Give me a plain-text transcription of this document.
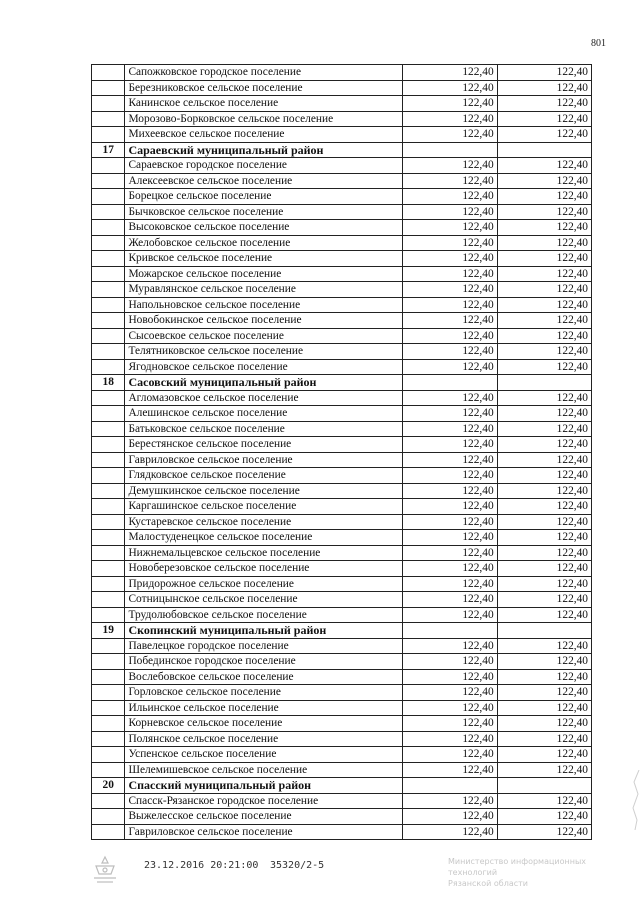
801
	Сапожковское городское поселение	122,40	122,40
	Березниковское сельское поселение	122,40	122,40
	Канинское сельское поселение	122,40	122,40
	Морозово-Борковское сельское поселение	122,40	122,40
	Михеевское сельское поселение	122,40	122,40
17	Сараевский муниципальный район		
	Сараевское городское поселение	122,40	122,40
	Алексеевское сельское поселение	122,40	122,40
	Борецкое сельское поселение	122,40	122,40
	Бычковское сельское поселение	122,40	122,40
	Высоковское сельское поселение	122,40	122,40
	Желобовское сельское поселение	122,40	122,40
	Кривское сельское поселение	122,40	122,40
	Можарское сельское поселение	122,40	122,40
	Муравлянское сельское поселение	122,40	122,40
	Напольновское сельское поселение	122,40	122,40
	Новобокинское сельское поселение	122,40	122,40
	Сысоевское сельское поселение	122,40	122,40
	Телятниковское сельское поселение	122,40	122,40
	Ягодновское сельское поселение	122,40	122,40
18	Сасовский муниципальный район		
	Агломазовское сельское поселение	122,40	122,40
	Алешинское сельское поселение	122,40	122,40
	Батьковское сельское поселение	122,40	122,40
	Берестянское сельское поселение	122,40	122,40
	Гавриловское сельское поселение	122,40	122,40
	Глядковское сельское поселение	122,40	122,40
	Демушкинское сельское поселение	122,40	122,40
	Каргашинское сельское поселение	122,40	122,40
	Кустаревское сельское поселение	122,40	122,40
	Малостуденецкое сельское поселение	122,40	122,40
	Нижнемальцевское сельское поселение	122,40	122,40
	Новоберезовское сельское поселение	122,40	122,40
	Придорожное сельское поселение	122,40	122,40
	Сотницынское сельское поселение	122,40	122,40
	Трудолюбовское сельское поселение	122,40	122,40
19	Скопинский муниципальный район		
	Павелецкое городское поселение	122,40	122,40
	Побединское городское поселение	122,40	122,40
	Вослебовское сельское поселение	122,40	122,40
	Горловское сельское поселение	122,40	122,40
	Ильинское сельское поселение	122,40	122,40
	Корневское сельское поселение	122,40	122,40
	Полянское сельское поселение	122,40	122,40
	Успенское сельское поселение	122,40	122,40
	Шелемишевское сельское поселение	122,40	122,40
20	Спасский муниципальный район		
	Спасск-Рязанское городское поселение	122,40	122,40
	Выжелесское сельское поселение	122,40	122,40
	Гавриловское сельское поселение	122,40	122,40
23.12.2016 20:21:00 35320/2-5	Министерство информационных технологий
Рязанской области
